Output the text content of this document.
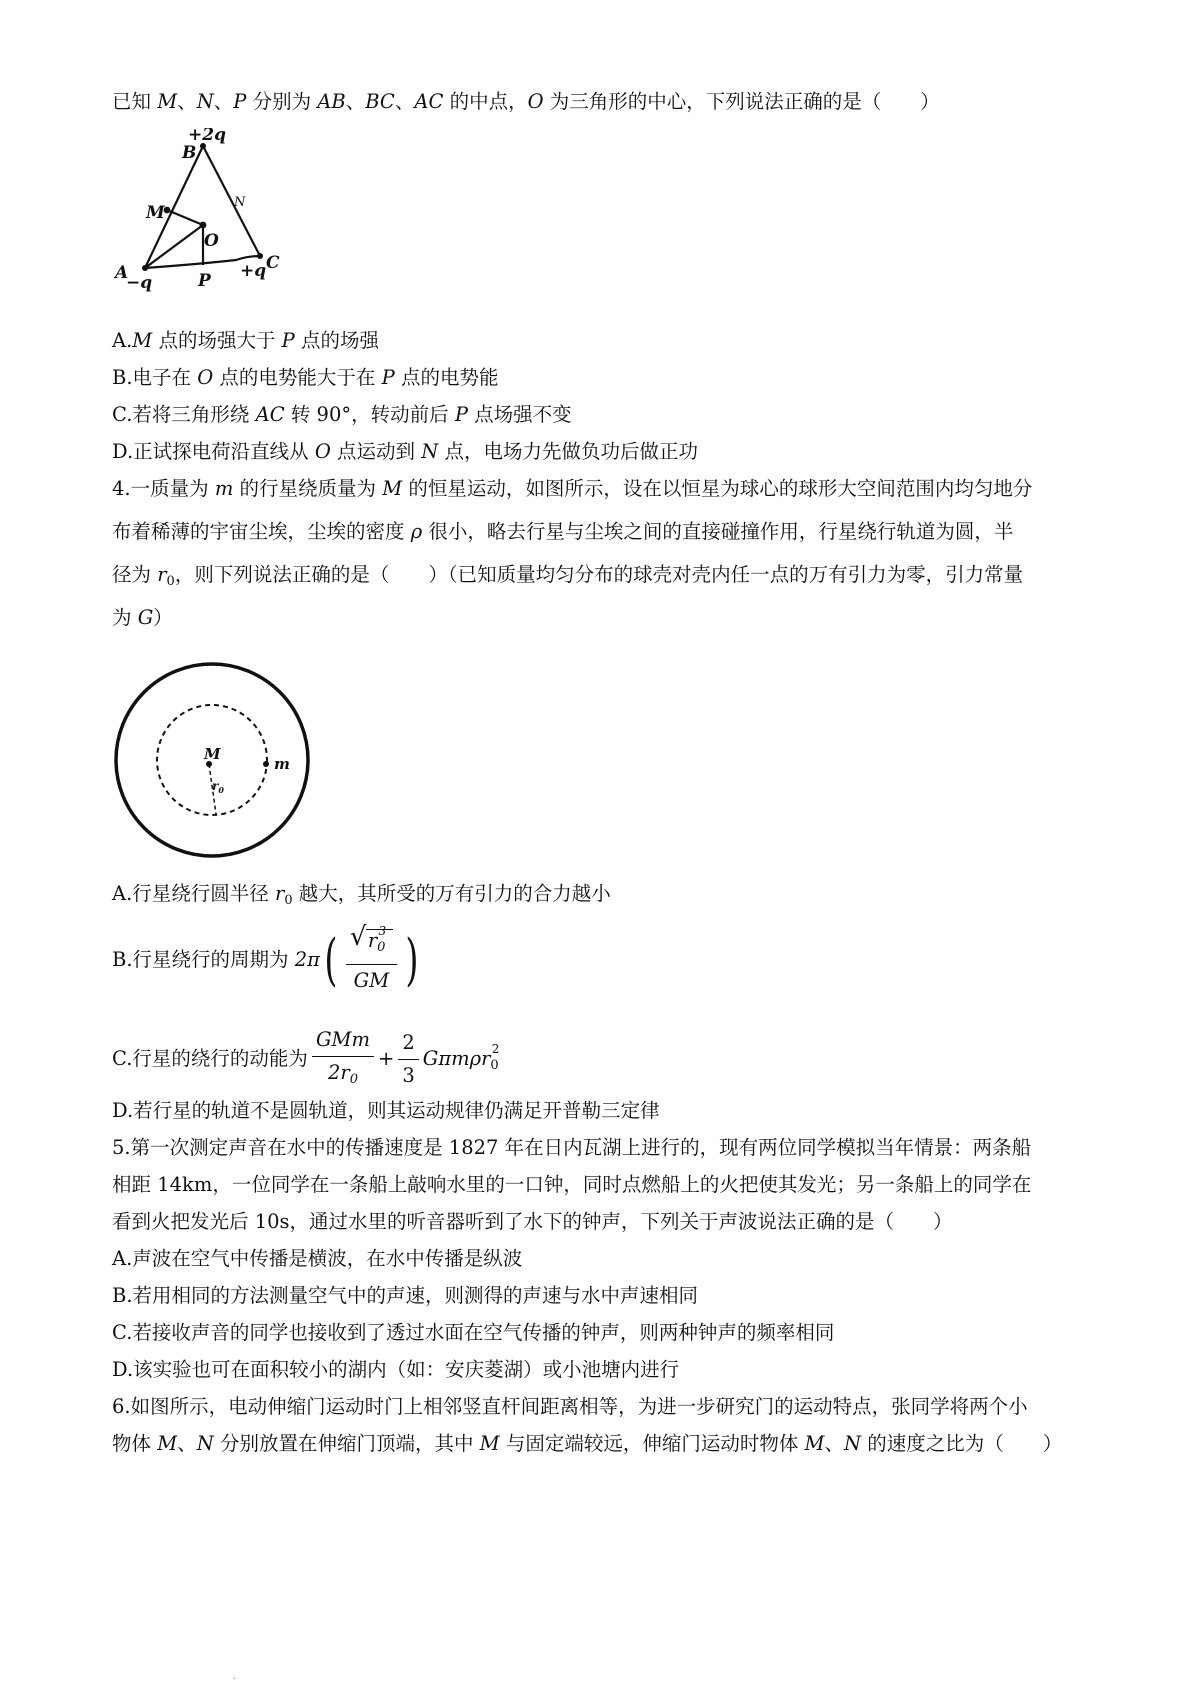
已知 M、N、P 分别为 AB、BC、AC 的中点，O 为三角形的中心，下列说法正确的是（　　）
+2q
B
M
N
O
A
−q	P +q C
A.M 点的场强大于 P 点的场强
B.电子在 O 点的电势能大于在 P 点的电势能
C.若将三角形绕 AC 转 90°，转动前后 P 点场强不变
D.正试探电荷沿直线从 O 点运动到 N 点，电场力先做负功后做正功
4.一质量为 m 的行星绕质量为 M 的恒星运动，如图所示，设在以恒星为球心的球形大空间范围内均匀地分
布着稀薄的宇宙尘埃，尘埃的密度 ρ 很小，略去行星与尘埃之间的直接碰撞作用，行星绕行轨道为圆，半
径为 $r_0$，则下列说法正确的是（　　）（已知质量均匀分布的球壳对壳内任一点的万有引力为零，引力常量
为 G）
M
m
$r_0$
A.行星绕行圆半径 $r_0$ 越大，其所受的万有引力的合力越小
B.行星绕行的周期为 $2\pi( \frac{√ r_0^3}{GM}$ )
C.行星的绕行的动能为 $\frac{\text{GMm}}{2r_0} + \frac{2}{3} G\pi m\rho r_0^2$
D.若行星的轨道不是圆轨道，则其运动规律仍满足开普勒三定律
5.第一次测定声音在水中的传播速度是 1827 年在日内瓦湖上进行的，现有两位同学模拟当年情景：两条船
相距 14km，一位同学在一条船上敲响水里的一口钟，同时点燃船上的火把使其发光；另一条船上的同学在
看到火把发光后 10s，通过水里的听音器听到了水下的钟声，下列关于声波说法正确的是（　　）
A.声波在空气中传播是横波，在水中传播是纵波
B.若用相同的方法测量空气中的声速，则测得的声速与水中声速相同
C.若接收声音的同学也接收到了透过水面在空气传播的钟声，则两种钟声的频率相同
D.该实验也可在面积较小的湖内（如：安庆菱湖）或小池塘内进行
6.如图所示，电动伸缩门运动时门上相邻竖直杆间距离相等，为进一步研究门的运动特点，张同学将两个小
物体 M、N 分别放置在伸缩门顶端，其中 M 与固定端较远，伸缩门运动时物体 M、N 的速度之比为（　　）
·
